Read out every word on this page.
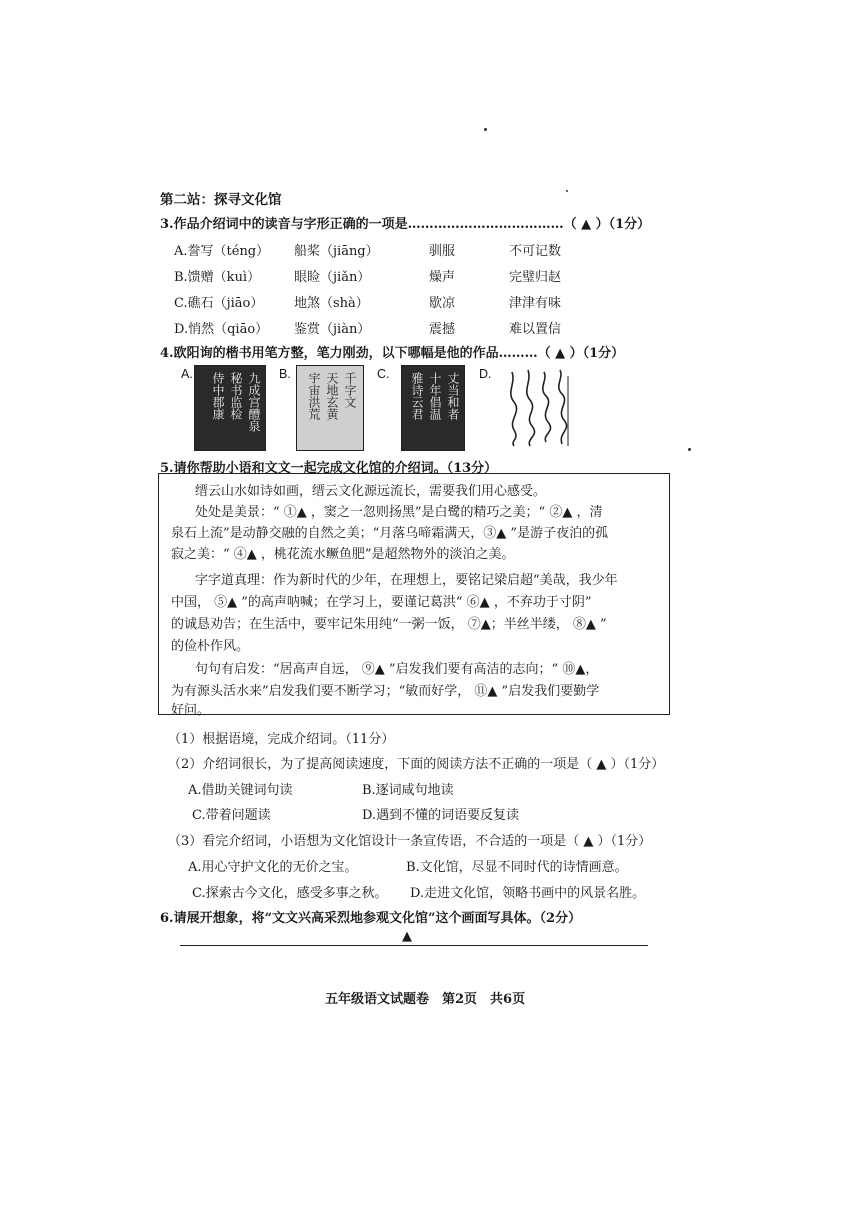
第二站：探寻文化馆
3.作品介绍词中的读音与字形正确的一项是………………………………（ ▲ ）（1分）
A.誊写（téng） 船桨（jiāng）	驯服	不可记数
B.馈赠（kuì）	眼睑（jiǎn）	燥声	完璧归赵
C.礁石（jiāo） 地煞（shà）	歇凉	津津有味
D.悄然（qiāo） 鉴赏（jiàn）	震撼	难以置信
4.欧阳询的楷书用笔方整，笔力刚劲，以下哪幅是他的作品………（ ▲ ）（1分）
A.	九成宫醴泉
秘书监检
侍中郡康	B.	千字文
天地玄黄
宇宙洪荒	C.	丈当和者
十年倡温
雅诗云君	D.
5.请你帮助小语和文文一起完成文化馆的介绍词。（13分）
缙云山水如诗如画，缙云文化源远流长，需要我们用心感受。
处处是美景：“ ①▲ ，窦之一忽则扬黑”是白鹭的精巧之美；“ ②▲ ，清
泉石上流”是动静交融的自然之美；“月落乌啼霜满天，③▲ ”是游子夜泊的孤
寂之美：“ ④▲ ，桃花流水鳜鱼肥”是超然物外的淡泊之美。
字字道真理：作为新时代的少年，在理想上，要铭记梁启超“美哉，我少年
中国， ⑤▲ ”的高声呐喊；在学习上，要谨记葛洪“ ⑥▲ ，不弃功于寸阴”
的诚恳劝告；在生活中，要牢记朱用纯“一粥一饭， ⑦▲；半丝半缕， ⑧▲ ”
的俭朴作风。
句句有启发：“居高声自远， ⑨▲ ”启发我们要有高洁的志向；“ ⑩▲，
为有源头活水来”启发我们要不断学习；“敏而好学， ⑪▲ ”启发我们要勤学
好问。
（1）根据语境，完成介绍词。（11分）
（2）介绍词很长，为了提高阅读速度，下面的阅读方法不正确的一项是（ ▲ ）（1分）
A.借助关键词句读	B.逐词咸句地读
C.带着问题读	D.遇到不懂的词语要反复读
（3）看完介绍词，小语想为文化馆设计一条宣传语，不合适的一项是（ ▲ ）（1分）
A.用心守护文化的无价之宝。	B.文化馆，尽显不同时代的诗情画意。
C.探索古今文化，感受多事之秋。 D.走进文化馆，领略书画中的风景名胜。
6.请展开想象，将“文文兴高采烈地参观文化馆”这个画面写具体。（2分）
▲
五年级语文试题卷　第2页　共6页
